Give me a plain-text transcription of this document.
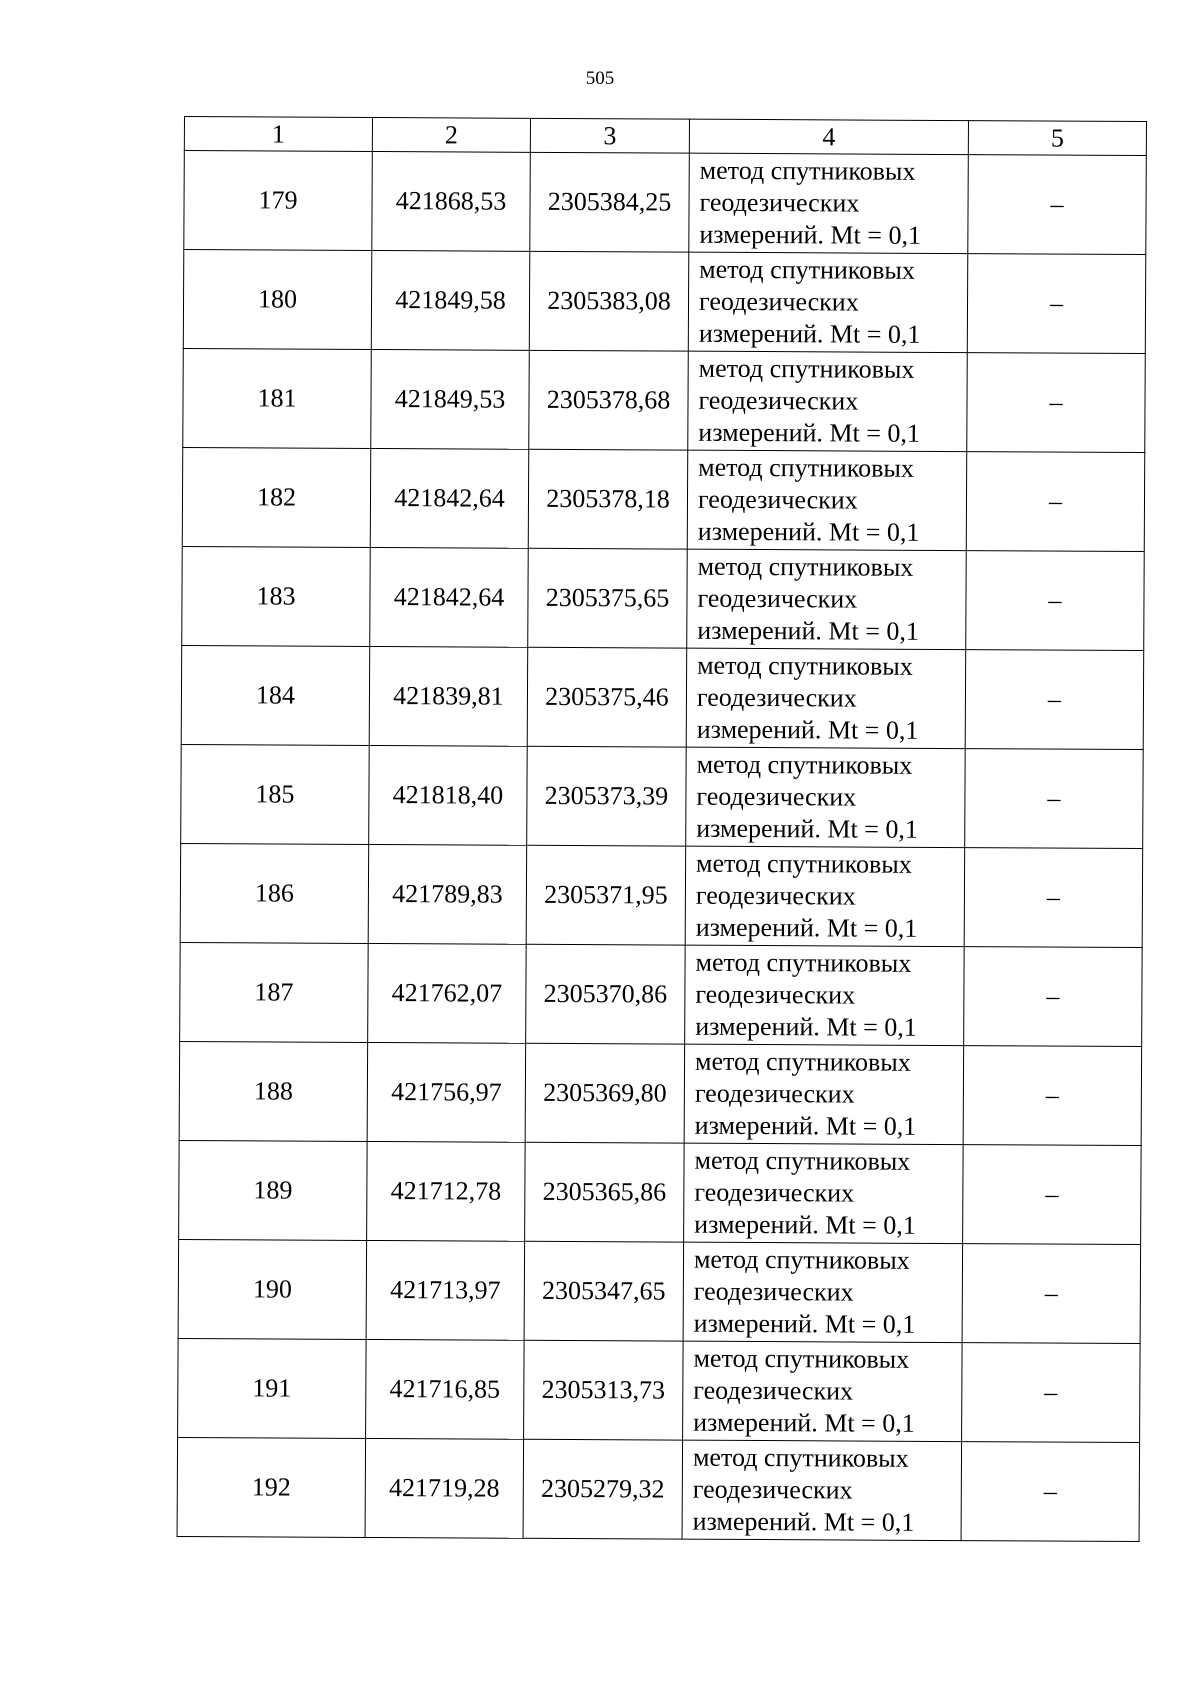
505
1	2	3	4	5
179	421868,53	2305384,25	метод спутниковых
геодезических
измерений. Mt = 0,1	–
180	421849,58	2305383,08	метод спутниковых
геодезических
измерений. Mt = 0,1	–
181	421849,53	2305378,68	метод спутниковых
геодезических
измерений. Mt = 0,1	–
182	421842,64	2305378,18	метод спутниковых
геодезических
измерений. Mt = 0,1	–
183	421842,64	2305375,65	метод спутниковых
геодезических
измерений. Mt = 0,1	–
184	421839,81	2305375,46	метод спутниковых
геодезических
измерений. Mt = 0,1	–
185	421818,40	2305373,39	метод спутниковых
геодезических
измерений. Mt = 0,1	–
186	421789,83	2305371,95	метод спутниковых
геодезических
измерений. Mt = 0,1	–
187	421762,07	2305370,86	метод спутниковых
геодезических
измерений. Mt = 0,1	–
188	421756,97	2305369,80	метод спутниковых
геодезических
измерений. Mt = 0,1	–
189	421712,78	2305365,86	метод спутниковых
геодезических
измерений. Mt = 0,1	–
190	421713,97	2305347,65	метод спутниковых
геодезических
измерений. Mt = 0,1	–
191	421716,85	2305313,73	метод спутниковых
геодезических
измерений. Mt = 0,1	–
192	421719,28	2305279,32	метод спутниковых
геодезических
измерений. Mt = 0,1	–
